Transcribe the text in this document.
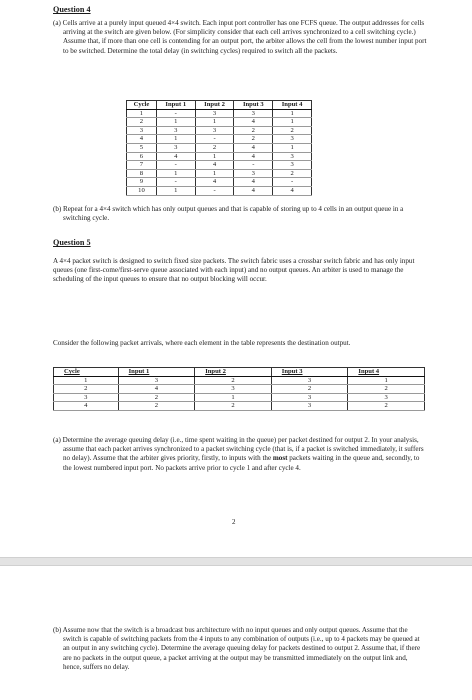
Question 4

(a) Cells arrive at a purely input queued 4×4 switch. Each input port controller has one FCFS queue. The output addresses for cells arriving at the switch are given below. (For simplicity consider that each cell arrives synchronized to a cell switching cycle.) Assume that, if more than one cell is contending for an output port, the arbiter allows the cell from the lowest number input port to be switched. Determine the total delay (in switching cycles) required to switch all the packets.

Cycle	Input 1	Input 2	Input 3	Input 4
1	-	3	3	1
2	1	1	4	1
3	3	3	2	2
4	1	-	2	3
5	3	2	4	1
6	4	1	4	3
7	-	4	-	3
8	1	1	3	2
9	-	4	4	-
10	1	-	4	4

(b) Repeat for a 4×4 switch which has only output queues and that is capable of storing up to 4 cells in an output queue in a switching cycle.

Question 5

A 4×4 packet switch is designed to switch fixed size packets. The switch fabric uses a crossbar switch fabric and has only input queues (one first-come/first-serve queue associated with each input) and no output queues. An arbiter is used to manage the scheduling of the input queues to ensure that no output blocking will occur.

Consider the following packet arrivals, where each element in the table represents the destination output.

Cycle	Input 1	Input 2	Input 3	Input 4
1	3	2	3	1
2	4	3	2	2
3	2	1	3	3
4	2	2	3	2

(a) Determine the average queuing delay (i.e., time spent waiting in the queue) per packet destined for output 2. In your analysis, assume that each packet arrives synchronized to a packet switching cycle (that is, if a packet is switched immediately, it suffers no delay). Assume that the arbiter gives priority, firstly, to inputs with the most packets waiting in the queue and, secondly, to the lowest numbered input port. No packets arrive prior to cycle 1 and after cycle 4.

2

(b) Assume now that the switch is a broadcast bus architecture with no input queues and only output queues. Assume that the switch is capable of switching packets from the 4 inputs to any combination of outputs (i.e., up to 4 packets may be queued at an output in any switching cycle). Determine the average queuing delay for packets destined to output 2. Assume that, if there are no packets in the output queue, a packet arriving at the output may be transmitted immediately on the output link and, hence, suffers no delay.
